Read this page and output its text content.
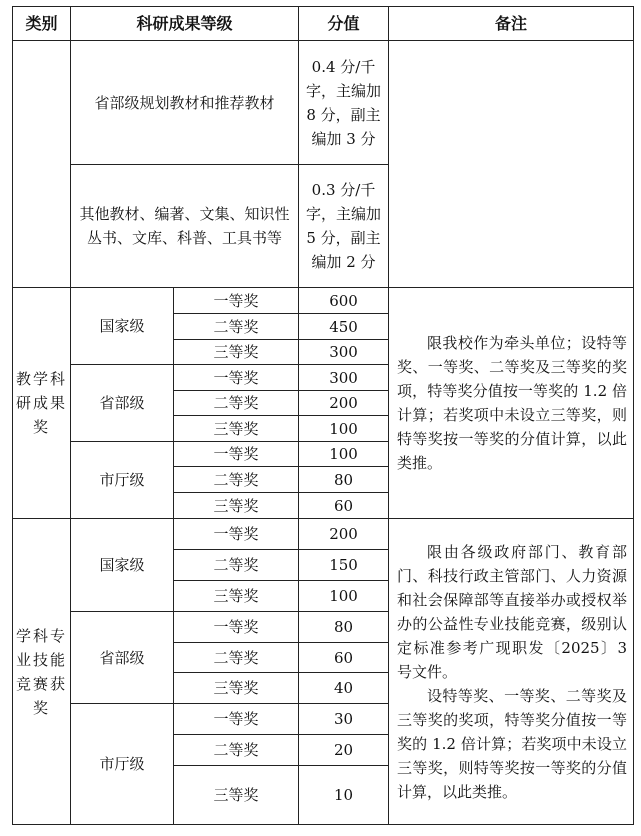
类别	科研成果等级		分值	备注
	省部级规划教材和推荐教材		0.4 分/千字，主编加 8 分，副主编加 3 分	
	其他教材、编著、文集、知识性丛书、文库、科普、工具书等		0.3 分/千字，主编加 5 分，副主编加 2 分	
教学科研成果奖	国家级	一等奖	600	限我校作为牵头单位；设特等奖、一等奖、二等奖及三等奖的奖项，特等奖分值按一等奖的 1.2 倍计算；若奖项中未设立三等奖，则特等奖按一等奖的分值计算，以此类推。

		二等奖	450	
		三等奖	300	
	省部级	一等奖	300	
		二等奖	200	
		三等奖	100	
	市厅级	一等奖	100	
		二等奖	80	
		三等奖	60	
学科专业技能竞赛获奖	国家级	一等奖	200	限由各级政府部门、教育部门、科技行政主管部门、人力资源和社会保障部等直接举办或授权举办的公益性专业技能竞赛，级别认定标准参考广现职发〔2025〕3 号文件。

设特等奖、一等奖、二等奖及三等奖的奖项，特等奖分值按一等奖的 1.2 倍计算；若奖项中未设立三等奖，则特等奖按一等奖的分值计算，以此类推。

		二等奖	150	
		三等奖	100	
	省部级	一等奖	80	
		二等奖	60	
		三等奖	40	
	市厅级	一等奖	30	
		二等奖	20	
		三等奖	10	
